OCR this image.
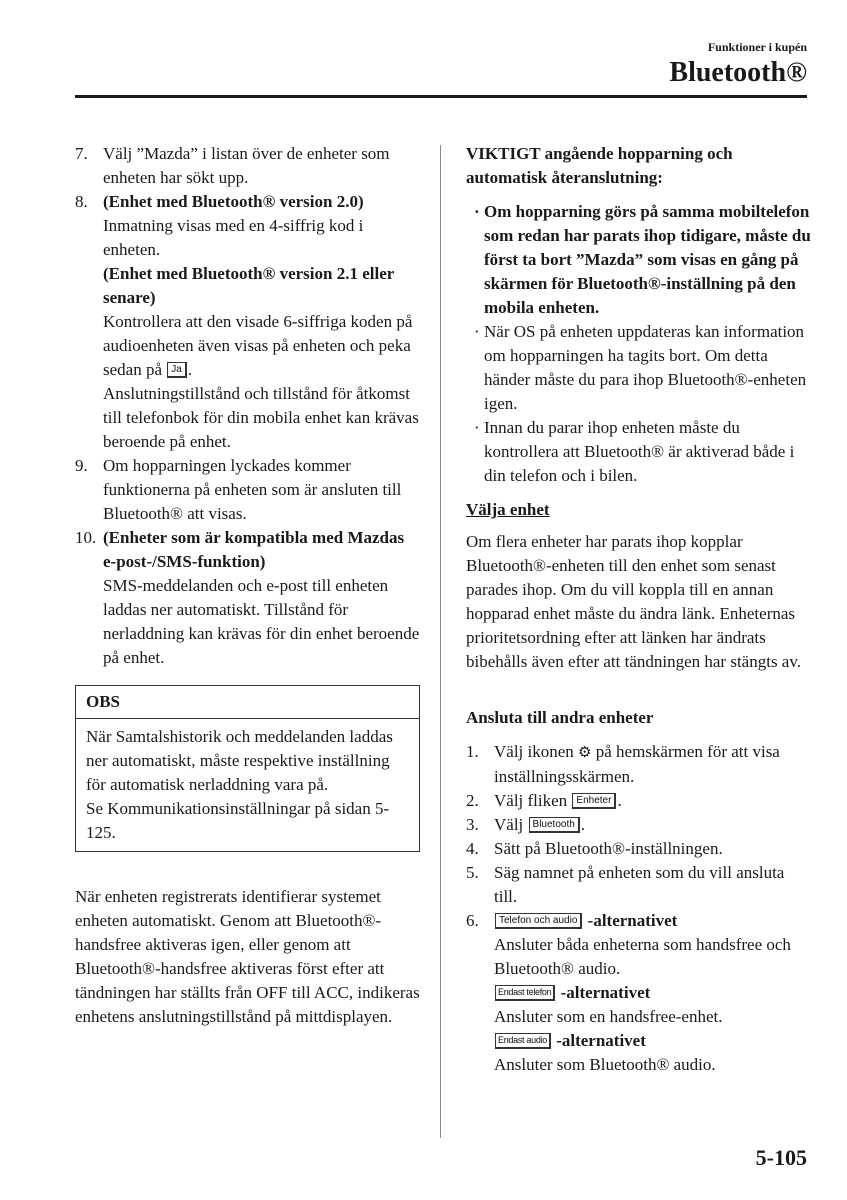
Funktioner i kupén
Bluetooth®
7. Välj ”Mazda” i listan över de enheter som enheten har sökt upp.
8. (Enhet med Bluetooth® version 2.0)
Inmatning visas med en 4-siffrig kod i enheten.
(Enhet med Bluetooth® version 2.1 eller senare)
Kontrollera att den visade 6-siffriga koden på audioenheten även visas på enheten och peka sedan på Ja .
Anslutningstillstånd och tillstånd för åtkomst till telefonbok för din mobila enhet kan krävas beroende på enhet.
9. Om hopparningen lyckades kommer funktionerna på enheten som är ansluten till Bluetooth® att visas.
10. (Enheter som är kompatibla med Mazdas e-post-/SMS-funktion)
SMS-meddelanden och e-post till enheten laddas ner automatiskt. Tillstånd för nerladdning kan krävas för din enhet beroende på enhet.
OBS
När Samtalshistorik och meddelanden laddas ner automatiskt, måste respektive inställning för automatisk nerladdning vara på.
Se Kommunikationsinställningar på sidan 5-125.
När enheten registrerats identifierar systemet enheten automatiskt. Genom att Bluetooth®-handsfree aktiveras igen, eller genom att Bluetooth®-handsfree aktiveras först efter att tändningen har ställts från OFF till ACC, indikeras enhetens anslutningstillstånd på mittdisplayen.
VIKTIGT angående hopparning och automatisk återanslutning:
· Om hopparning görs på samma mobiltelefon som redan har parats ihop tidigare, måste du först ta bort ”Mazda” som visas en gång på skärmen för Bluetooth®-inställning på den mobila enheten.
· När OS på enheten uppdateras kan information om hopparningen ha tagits bort. Om detta händer måste du para ihop Bluetooth®-enheten igen.
· Innan du parar ihop enheten måste du kontrollera att Bluetooth® är aktiverad både i din telefon och i bilen.
Välja enhet
Om flera enheter har parats ihop kopplar Bluetooth®-enheten till den enhet som senast parades ihop. Om du vill koppla till en annan hopparad enhet måste du ändra länk. Enheternas prioritetsordning efter att länken har ändrats bibehålls även efter att tändningen har stängts av.
Ansluta till andra enheter
1. Välj ikonen ⚙ på hemskärmen för att visa inställningsskärmen.
2. Välj fliken Enheter .
3. Välj Bluetooth .
4. Sätt på Bluetooth®-inställningen.
5. Säg namnet på enheten som du vill ansluta till.
6.	Telefon och audio -alternativet
Ansluter båda enheterna som handsfree och Bluetooth® audio.
Endast telefon -alternativet
Ansluter som en handsfree-enhet.
Endast audio -alternativet
Ansluter som Bluetooth® audio.
5-105
